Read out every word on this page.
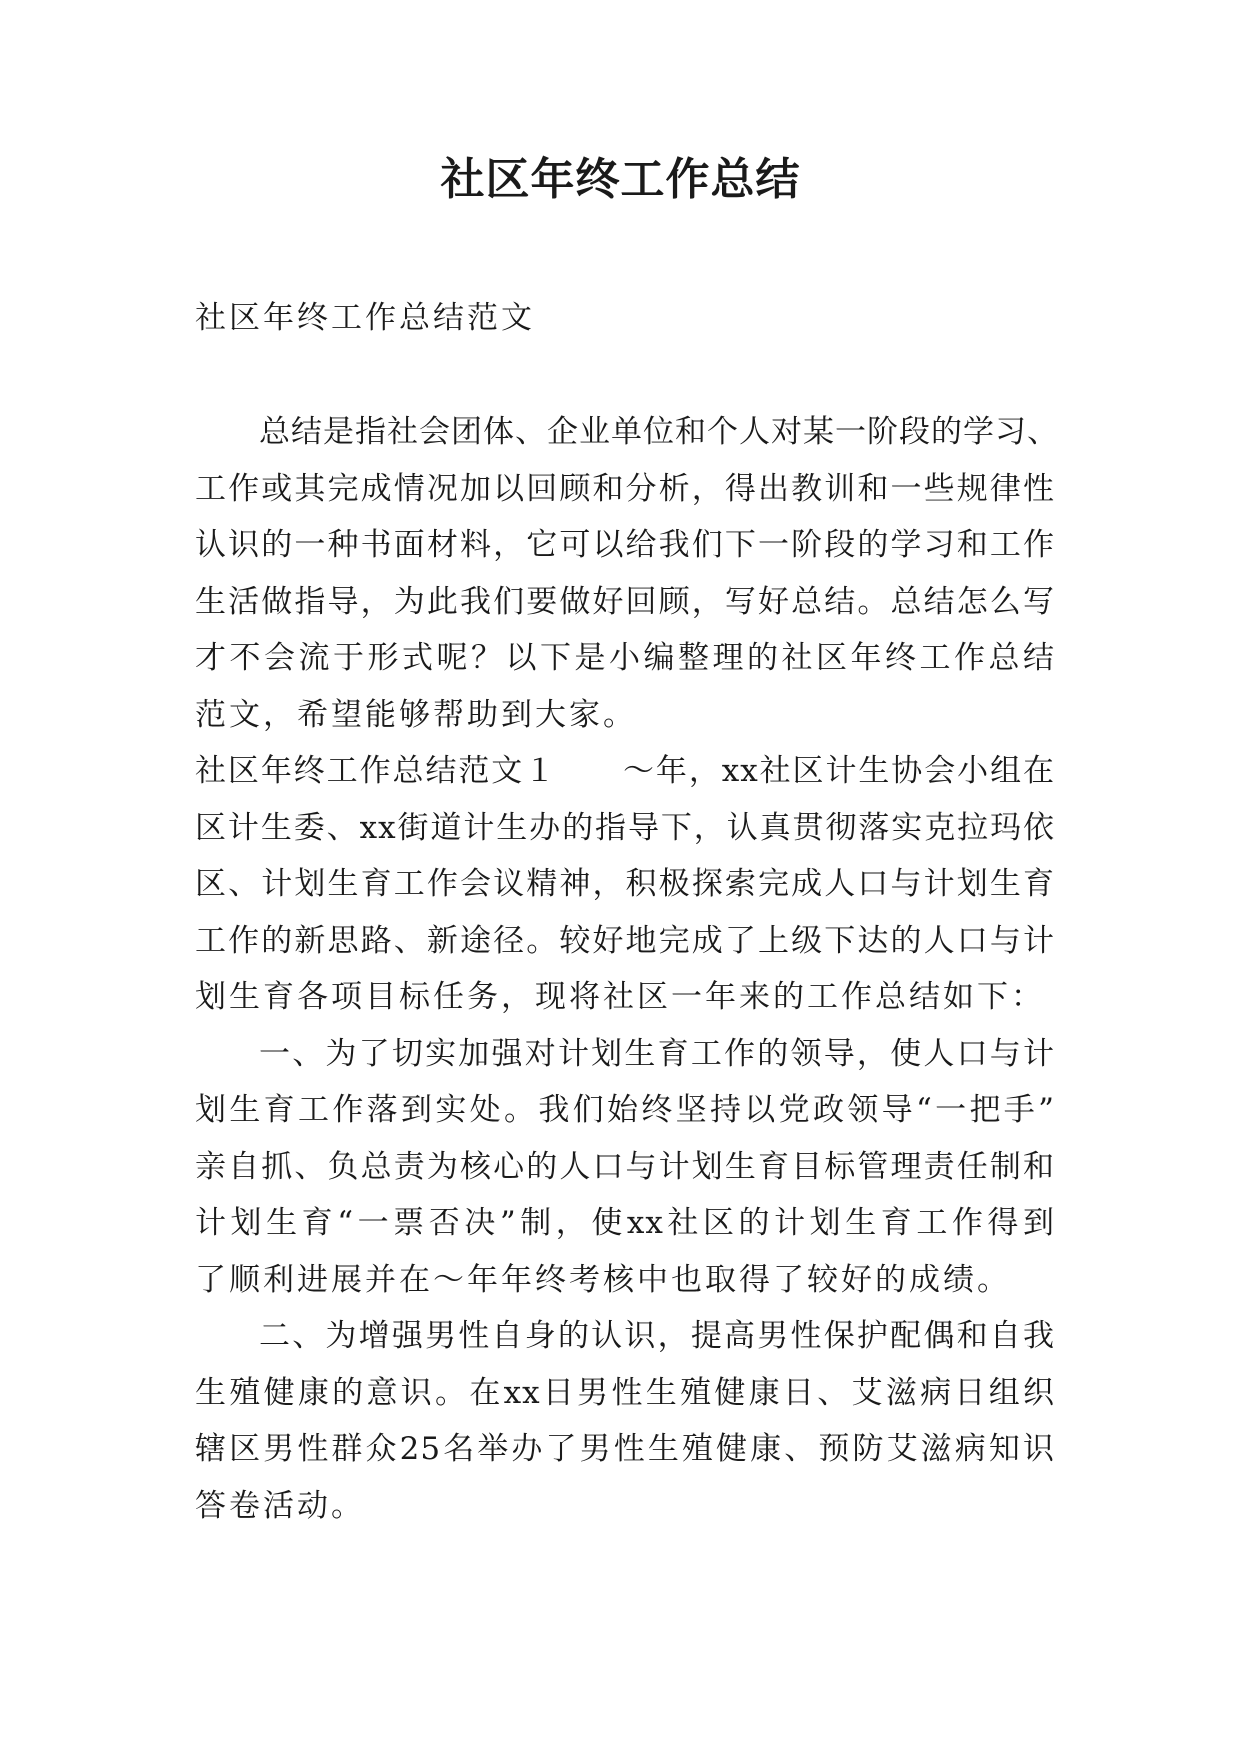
社区年终工作总结

社区年终工作总结范文

总结是指社会团体、企业单位和个人对某一阶段的学习、
工作或其完成情况加以回顾和分析，得出教训和一些规律性
认识的一种书面材料，它可以给我们下一阶段的学习和工作
生活做指导，为此我们要做好回顾，写好总结。总结怎么写
才不会流于形式呢？以下是小编整理的社区年终工作总结
范文，希望能够帮助到大家。
社区年终工作总结范文１　　～年，xx社区计生协会小组在
区计生委、xx街道计生办的指导下，认真贯彻落实克拉玛依
区、计划生育工作会议精神，积极探索完成人口与计划生育
工作的新思路、新途径。较好地完成了上级下达的人口与计
划生育各项目标任务，现将社区一年来的工作总结如下：
一、为了切实加强对计划生育工作的领导，使人口与计
划生育工作落到实处。我们始终坚持以党政领导“一把手”
亲自抓、负总责为核心的人口与计划生育目标管理责任制和
计划生育“一票否决”制，使xx社区的计划生育工作得到
了顺利进展并在～年年终考核中也取得了较好的成绩。
二、为增强男性自身的认识，提高男性保护配偶和自我
生殖健康的意识。在xx日男性生殖健康日、艾滋病日组织
辖区男性群众25名举办了男性生殖健康、预防艾滋病知识
答卷活动。
